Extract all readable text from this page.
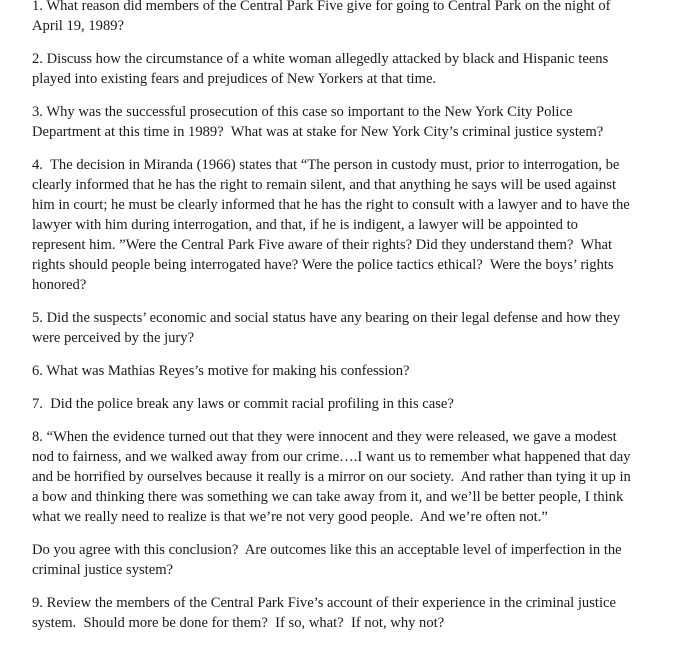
1. What reason did members of the Central Park Five give for going to Central Park on the night of April 19, 1989?

2. Discuss how the circumstance of a white woman allegedly attacked by black and Hispanic teens played into existing fears and prejudices of New Yorkers at that time.

3. Why was the successful prosecution of this case so important to the New York City Police Department at this time in 1989?  What was at stake for New York City’s criminal justice system?

4.  The decision in Miranda (1966) states that “The person in custody must, prior to interrogation, be clearly informed that he has the right to remain silent, and that anything he says will be used against him in court; he must be clearly informed that he has the right to consult with a lawyer and to have the lawyer with him during interrogation, and that, if he is indigent, a lawyer will be appointed to represent him. ”Were the Central Park Five aware of their rights? Did they understand them?  What rights should people being interrogated have? Were the police tactics ethical?  Were the boys’ rights honored?

5. Did the suspects’ economic and social status have any bearing on their legal defense and how they were perceived by the jury?

6. What was Mathias Reyes’s motive for making his confession?

7.  Did the police break any laws or commit racial profiling in this case?

8. “When the evidence turned out that they were innocent and they were released, we gave a modest nod to fairness, and we walked away from our crime….I want us to remember what happened that day and be horrified by ourselves because it really is a mirror on our society.  And rather than tying it up in a bow and thinking there was something we can take away from it, and we’ll be better people, I think what we really need to realize is that we’re not very good people.  And we’re often not.”

Do you agree with this conclusion?  Are outcomes like this an acceptable level of imperfection in the criminal justice system?

9. Review the members of the Central Park Five’s account of their experience in the criminal justice system.  Should more be done for them?  If so, what?  If not, why not?
